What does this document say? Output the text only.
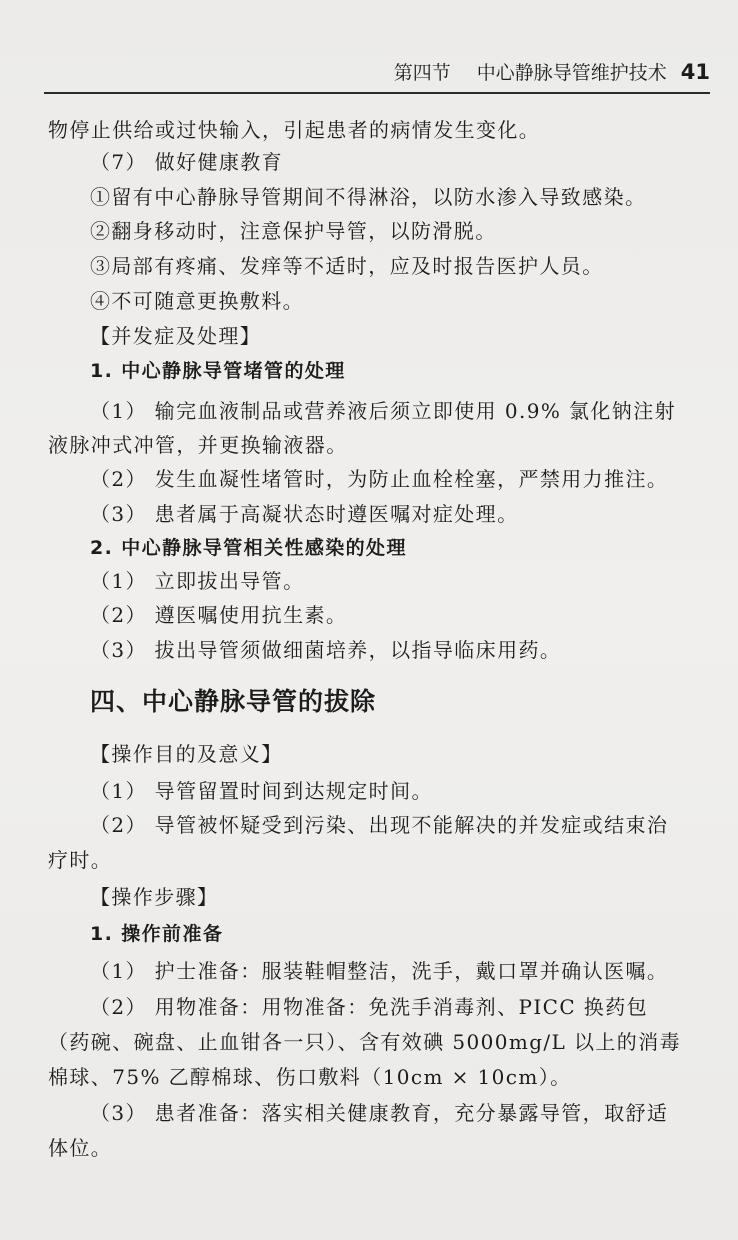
第四节 中心静脉导管维护技术 41
物停止供给或过快输入，引起患者的病情发生变化。
（7） 做好健康教育
①留有中心静脉导管期间不得淋浴，以防水渗入导致感染。
②翻身移动时，注意保护导管，以防滑脱。
③局部有疼痛、发痒等不适时，应及时报告医护人员。
④不可随意更换敷料。
【并发症及处理】
1. 中心静脉导管堵管的处理
（1） 输完血液制品或营养液后须立即使用 0.9% 氯化钠注射
液脉冲式冲管，并更换输液器。
（2） 发生血凝性堵管时，为防止血栓栓塞，严禁用力推注。
（3） 患者属于高凝状态时遵医嘱对症处理。
2. 中心静脉导管相关性感染的处理
（1） 立即拔出导管。
（2） 遵医嘱使用抗生素。
（3） 拔出导管须做细菌培养，以指导临床用药。
四、中心静脉导管的拔除
【操作目的及意义】
（1） 导管留置时间到达规定时间。
（2） 导管被怀疑受到污染、出现不能解决的并发症或结束治
疗时。
【操作步骤】
1. 操作前准备
（1） 护士准备：服装鞋帽整洁，洗手，戴口罩并确认医嘱。
（2） 用物准备：用物准备：免洗手消毒剂、PICC 换药包
（药碗、碗盘、止血钳各一只）、含有效碘 5000mg/L 以上的消毒
棉球、75% 乙醇棉球、伤口敷料（10cm × 10cm）。
（3） 患者准备：落实相关健康教育，充分暴露导管，取舒适
体位。
